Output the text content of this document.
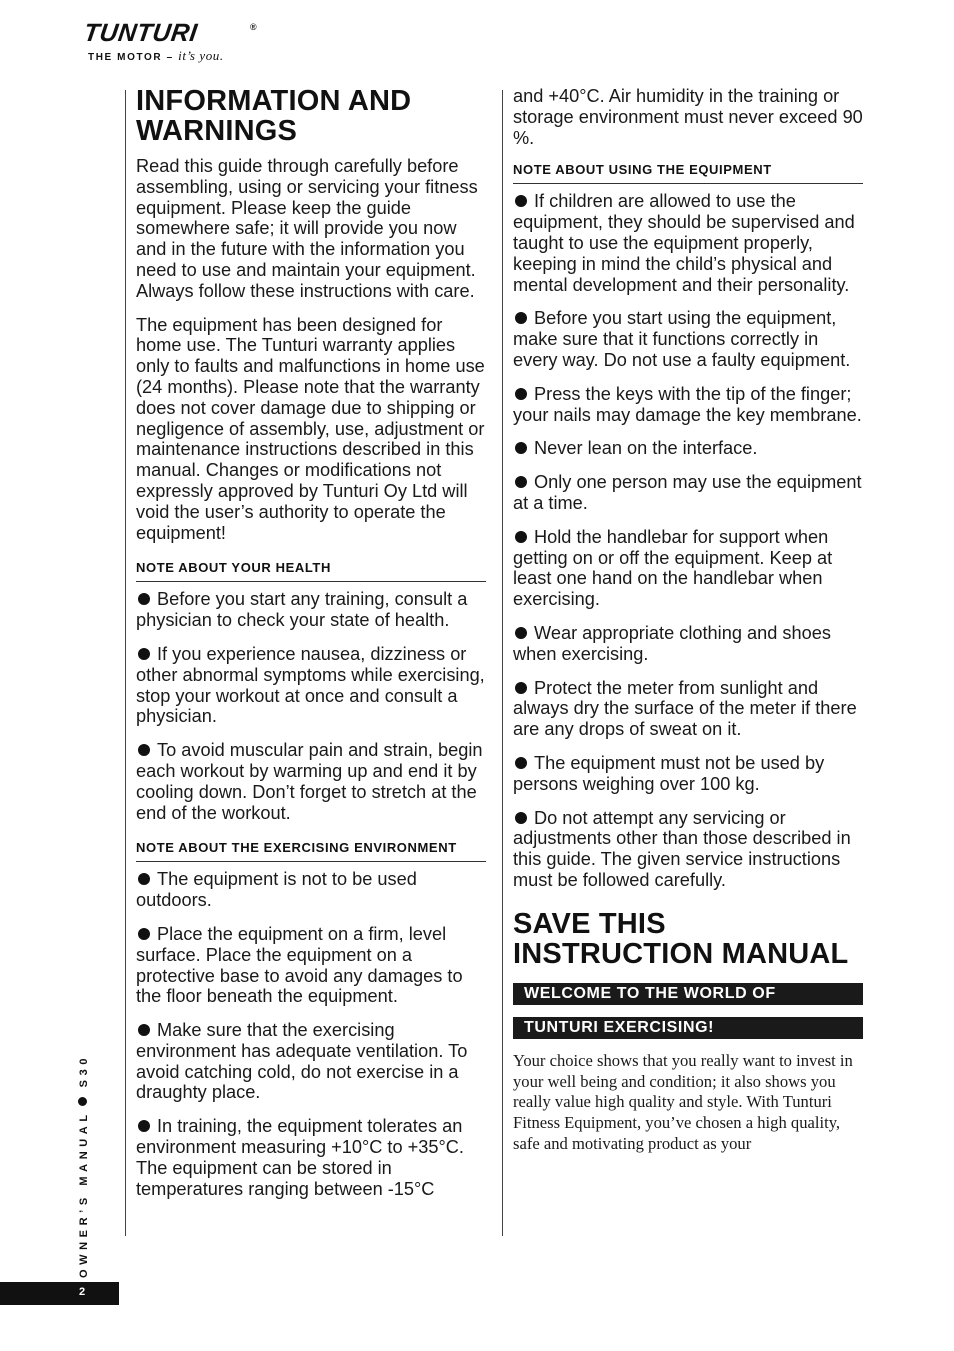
TUNTURI	®
THE MOTOR – it’s you.
INFORMATION AND
WARNINGS

Read this guide through carefully before assembling, using or servicing your fitness equipment. Please keep the guide somewhere safe; it will provide you now and in the future with the information you need to use and maintain your equipment. Always follow these instructions with care.

The equipment has been designed for home use. The Tunturi warranty applies only to faults and malfunctions in home use (24 months). Please note that the warranty does not cover damage due to shipping or negligence of assembly, use, adjustment or maintenance instructions described in this manual. Changes or modifications not expressly approved by Tunturi Oy Ltd will void the user’s authority to operate the equipment!

NOTE ABOUT YOUR HEALTH

Before you start any training, consult a physician to check your state of health.

If you experience nausea, dizziness or other abnormal symptoms while exercising, stop your workout at once and consult a physician.

To avoid muscular pain and strain, begin each workout by warming up and end it by cooling down. Don’t forget to stretch at the end of the workout.

NOTE ABOUT THE EXERCISING ENVIRONMENT

The equipment is not to be used outdoors.

Place the equipment on a firm, level surface. Place the equipment on a protective base to avoid any damages to the floor beneath the equipment.

Make sure that the exercising environment has adequate ventilation. To avoid catching cold, do not exercise in a draughty place.

In training, the equipment tolerates an environment measuring +10°C to +35°C. The equipment can be stored in temperatures ranging between -15°C

and +40°C. Air humidity in the training or storage environment must never exceed 90 %.

NOTE ABOUT USING THE EQUIPMENT

If children are allowed to use the equipment, they should be supervised and taught to use the equipment properly, keeping in mind the child’s physical and mental development and their personality.

Before you start using the equipment, make sure that it functions correctly in every way. Do not use a faulty equipment.

Press the keys with the tip of the finger; your nails may damage the key membrane.

Never lean on the interface.

Only one person may use the equipment at a time.

Hold the handlebar for support when getting on or off the equipment. Keep at least one hand on the handlebar when exercising.

Wear appropriate clothing and shoes when exercising.

Protect the meter from sunlight and always dry the surface of the meter if there are any drops of sweat on it.

The equipment must not be used by persons weighing over 100 kg.

Do not attempt any servicing or adjustments other than those described in this guide. The given service instructions must be followed carefully.

SAVE THIS
INSTRUCTION MANUAL
WELCOME TO THE WORLD OF
TUNTURI EXERCISING!

Your choice shows that you really want to invest in your well being and condition; it also shows you really value high quality and style. With Tunturi Fitness Equipment, you’ve chosen a high quality, safe and motivating product as your

OWNER’S MANUALS30
2
